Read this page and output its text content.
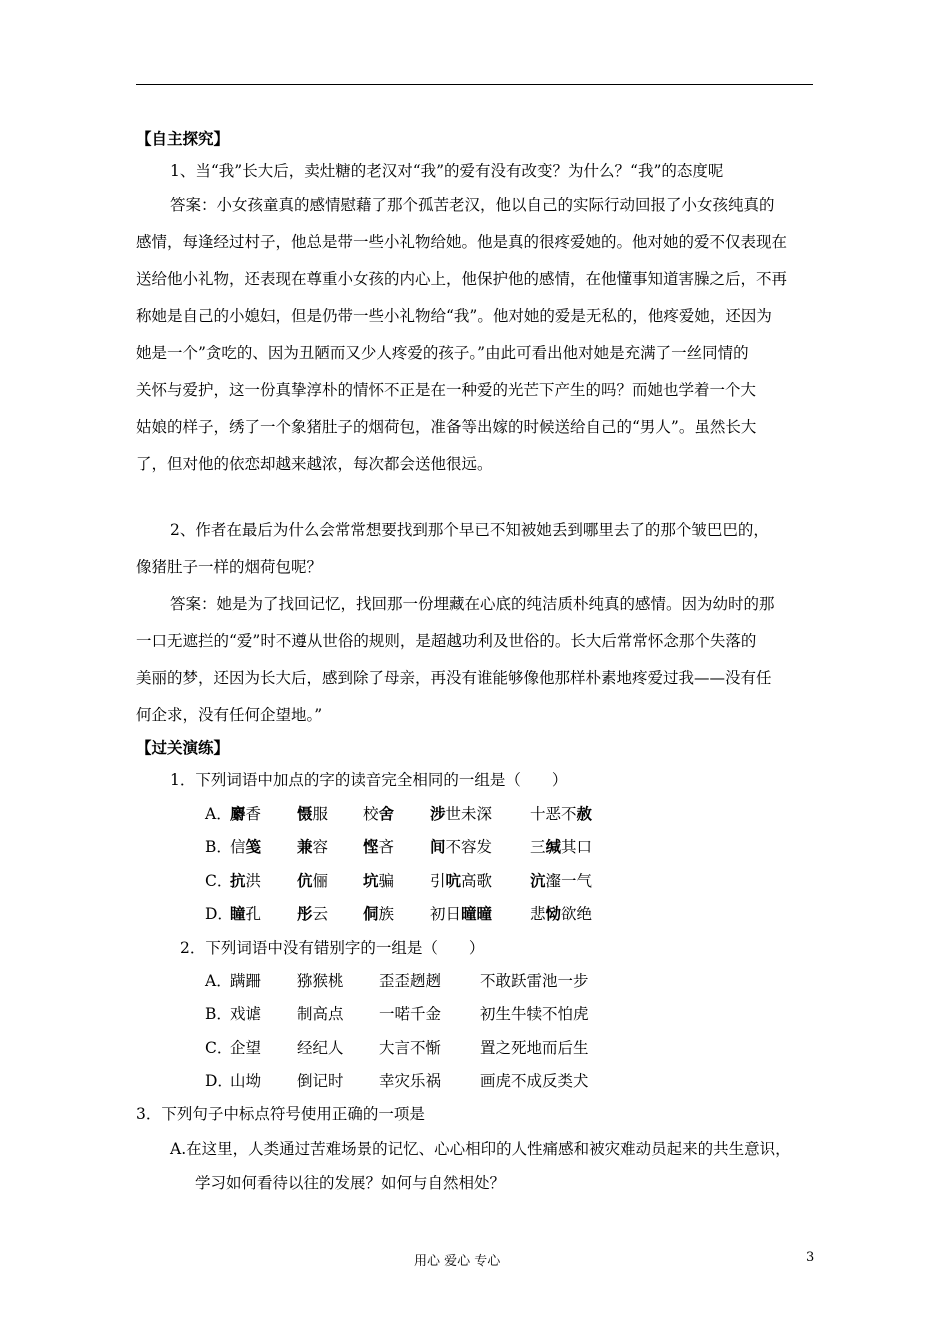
【自主探究】
1、当“我”长大后，卖灶糖的老汉对“我”的爱有没有改变？为什么？“我”的态度呢
答案：小女孩童真的感情慰藉了那个孤苦老汉，他以自己的实际行动回报了小女孩纯真的
感情，每逢经过村子，他总是带一些小礼物给她。他是真的很疼爱她的。他对她的爱不仅表现在
送给他小礼物，还表现在尊重小女孩的内心上，他保护他的感情，在他懂事知道害臊之后，不再
称她是自己的小媳妇，但是仍带一些小礼物给“我”。他对她的爱是无私的，他疼爱她，还因为
她是一个”贪吃的、因为丑陋而又少人疼爱的孩子。”由此可看出他对她是充满了一丝同情的
关怀与爱护，这一份真挚淳朴的情怀不正是在一种爱的光芒下产生的吗？而她也学着一个大
姑娘的样子，绣了一个象猪肚子的烟荷包，准备等出嫁的时候送给自己的“男人”。虽然长大
了，但对他的依恋却越来越浓，每次都会送他很远。
2、作者在最后为什么会常常想要找到那个早已不知被她丢到哪里去了的那个皱巴巴的，
像猪肚子一样的烟荷包呢？
答案：她是为了找回记忆，找回那一份埋藏在心底的纯洁质朴纯真的感情。因为幼时的那
一口无遮拦的“爱”时不遵从世俗的规则，是超越功利及世俗的。长大后常常怀念那个失落的
美丽的梦，还因为长大后，感到除了母亲，再没有谁能够像他那样朴素地疼爱过我——没有任
何企求，没有任何企望地。”
【过关演练】
1．下列词语中加点的字的读音完全相同的一组是（　　）
A．
麝香 慑服 校舍 涉世未深 十恶不赦
B．
信笺 兼容 悭吝 间不容发 三缄其口
C．
抗洪 伉俪 坑骗 引吭高歌 沆瀣一气
D．
瞳孔 彤云 侗族 初日曈曈 悲恸欲绝
2．下列词语中没有错别字的一组是（　　）
A．
蹒跚 猕猴桃 歪歪趔趔	不敢跃雷池一步
B．
戏谑 制高点 一喏千金	初生牛犊不怕虎
C．
企望 经纪人 大言不惭	置之死地而后生
D．
山坳 倒记时 幸灾乐祸	画虎不成反类犬
3．下列句子中标点符号使用正确的一项是
A.在这里，人类通过苦难场景的记忆、心心相印的人性痛感和被灾难动员起来的共生意识，
学习如何看待以往的发展？如何与自然相处？
用心 爱心 专心	3
